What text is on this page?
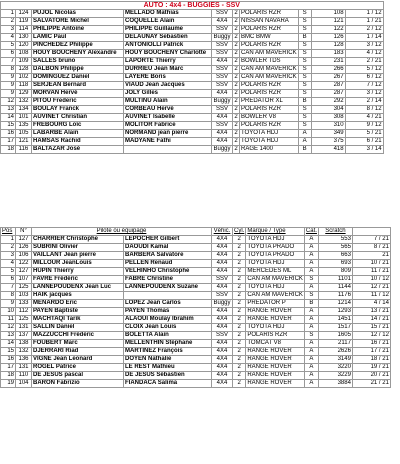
AUTO : 4x4 - BUGGIES - SSV									
1	124	PUJOL Nicolas	MELLADO Mathias	SSV	2	POLARIS RZR	S	108	1 / 12
2	119	SALVATORE Michel	COQUELLE Alain	4X4	2	NISSAN NAVARA	S	121	1 / 21
3	114	PHILIPPE Antoine	PHILIPPE Guillaume	SSV	2	POLARIS RZR	S	122	2 / 12
4	130	LAMIC Paul	DELAUNAY Sebastien	Buggy	2	BMC BMW	B	126	1 / 14
5	120	PINCHEDEZ Philippe	ANTONIOLLI Patrick	SSV	2	POLARIS RZR	S	128	3 / 12
6	108	HOUY BOUCHENY Alexandre	HOUY BOUCHENY Charlotte	SSV	2	CAN AM MAVERICK	S	183	4 / 12
7	109	SALLES bruno	LAPORTE Thierry	4X4	2	BOWLER TDS	S	231	2 / 21
8	128	DALBON Philippe	DURRIEU Jean Marc	SSV	2	CAN AM MAVERICK	S	266	5 / 12
9	102	DOMINGUEZ Daniel	LAYERE Boris	SSV	2	CAN AM MAVERICK	S	267	6 / 12
9	118	SERJEAN Bernard	VIAUD Jean Jacques	SSV	2	POLARIS RZR	S	287	7 / 12
9	129	MORVAN Hervé	JOLY Gilles	4X4	2	POLARIS RZR	S	287	3 / 12
12	132	PITOU Frederic	MULTINU Alain	Buggy	2	PREDATOR XL	B	292	2 / 14
13	134	BOULAY Franck	CORBEAU Hervé	SSV	2	POLARIS RZR	S	304	8 / 12
14	101	AUVINET Christian	AUVINET Isabelle	4X4	2	BOWLER V8	S	308	4 / 21
15	135	FREBOURG Loïc	MOLITOR Fabrice	SSV	2	POLARIS RZR	S	310	9 / 12
16	105	LABARBE Alain	NORMAND jean pierre	4X4	2	TOYOTA HDJ	A	349	5 / 21
17	121	HAMSAS Rachid	MADYANE Fathi	4X4	2	TOYOTA HDJ	A	375	6 / 21
18	116	BALTAZAR José		Buggy	2	RAGE 1400	B	418	3 / 14
Pos	N°	Pilote ou équipage		Véhic.	Cyl.	Marque / Type	Cat.	Scratch	
1	127	CHARRIER Christophe	LEPOCHER Gilbert	4X4	2	TOYOTA HDJ	A	553	7 / 21
2	126	SUBRINI Olivier	DAOUDI Kamal	4X4	2	TOYOTA PRADO	A	565	8 / 21
3	106	VAILLANT Jean pierre	BARBERA Salvatore	4X4	2	TOYOTA PRADO	A	663	21
4	122	MILLOUR JeanLouis	PELLEN Renaud	4X4	2	TOYOTA HDJ	A	693	10 / 21
5	127	HUPIN Thierry	VELHINHO Christophe	4X4	2	MERCEDES ML	A	809	11 / 21
6	107	FAVRE Frédéric	FABRE Christine	SSV	2	CAN AM MAVERICK	S	1101	10 / 12
7	125	LANNEPOUDENX Jean Luc	LANNEPOUDENX Suzane	4X4	2	TOYOTA HDJ	A	1144	12 / 21
8	103	HAIK jacques		SSV	2	CAN AM MAVERICK	S	1176	11 / 12
9	133	MENARDO Eric	LOPEZ Jean Carlos	Buggy	2	PREDATOR P	B	1214	4 / 14
10	112	PAYEN Baptiste	PAYEN Thomas	4X4	2	RANGE ROVER	A	1293	13 / 21
11	125	MACHTAQI Tarik	ALAOUI Moulay Ibrahim	4X4	2	RANGE ROVER	A	1451	14 / 21
12	131	SALLIN Daniel	CLOIX Jean Louis	4X4	2	TOYOTA HDJ	A	1517	15 / 21
13	137	MAZZUCCHI Frédéric	BOLETTA Alain	SSV	2	POLARIS RZR	S	1605	12 / 12
14	138	FOUBERT Marc	MELLENTHIN Stéphane	4X4	2	TOMCAT V8	A	2117	16 / 21
15	132	DJERRARI Riad	MARTINEZ François	4X4	2	RANGE ROVER	A	2626	17 / 21
16	136	VIGNE Jean Leonard	DOYEN Nathalie	4X4	2	RANGE ROVER	A	3149	18 / 21
17	131	ROGEL Patrice	LE REST Mathieu	4X4	2	RANGE ROVER	A	3220	19 / 21
18	110	DE JESUS pascal	DE JESUS Sébastien	4X4	2	RANGE ROVER	A	3229	20 / 21
19	104	BARON Fabrizio	FIANDACA Salima	4X4	2	RANGE ROVER	A	3884	21 / 21
